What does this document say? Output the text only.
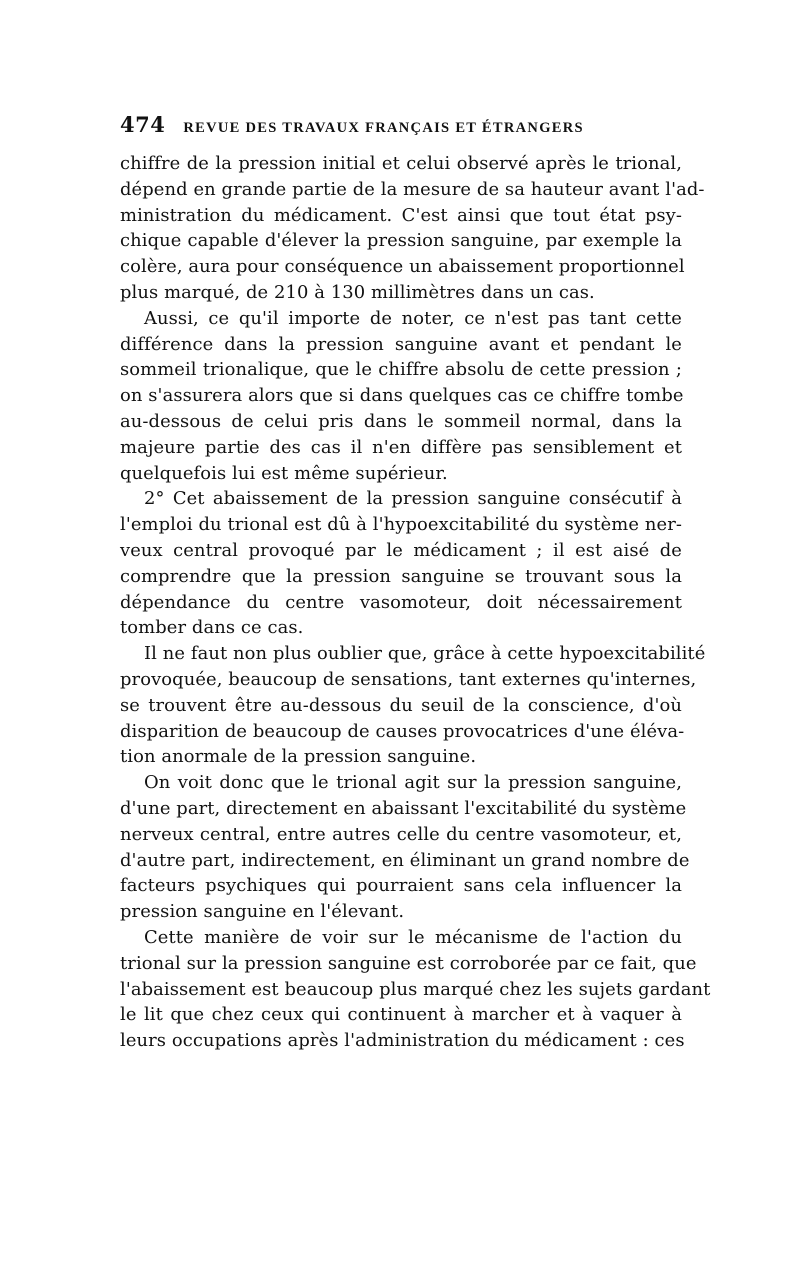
474 REVUE DES TRAVAUX FRANÇAIS ET ÉTRANGERS
chiffre de la pression initial et celui observé après le trional,
dépend en grande partie de la mesure de sa hauteur avant l'ad-
ministration du médicament. C'est ainsi que tout état psy-
chique capable d'élever la pression sanguine, par exemple la
colère, aura pour conséquence un abaissement proportionnel
plus marqué, de 210 à 130 millimètres dans un cas.
Aussi, ce qu'il importe de noter, ce n'est pas tant cette
différence dans la pression sanguine avant et pendant le
sommeil trionalique, que le chiffre absolu de cette pression ;
on s'assurera alors que si dans quelques cas ce chiffre tombe
au-dessous de celui pris dans le sommeil normal, dans la
majeure partie des cas il n'en diffère pas sensiblement et
quelquefois lui est même supérieur.
2° Cet abaissement de la pression sanguine consécutif à
l'emploi du trional est dû à l'hypoexcitabilité du système ner-
veux central provoqué par le médicament ; il est aisé de
comprendre que la pression sanguine se trouvant sous la
dépendance du centre vasomoteur, doit nécessairement
tomber dans ce cas.
Il ne faut non plus oublier que, grâce à cette hypoexcitabilité
provoquée, beaucoup de sensations, tant externes qu'internes,
se trouvent être au-dessous du seuil de la conscience, d'où
disparition de beaucoup de causes provocatrices d'une éléva-
tion anormale de la pression sanguine.
On voit donc que le trional agit sur la pression sanguine,
d'une part, directement en abaissant l'excitabilité du système
nerveux central, entre autres celle du centre vasomoteur, et,
d'autre part, indirectement, en éliminant un grand nombre de
facteurs psychiques qui pourraient sans cela influencer la
pression sanguine en l'élevant.
Cette manière de voir sur le mécanisme de l'action du
trional sur la pression sanguine est corroborée par ce fait, que
l'abaissement est beaucoup plus marqué chez les sujets gardant
le lit que chez ceux qui continuent à marcher et à vaquer à
leurs occupations après l'administration du médicament : ces
